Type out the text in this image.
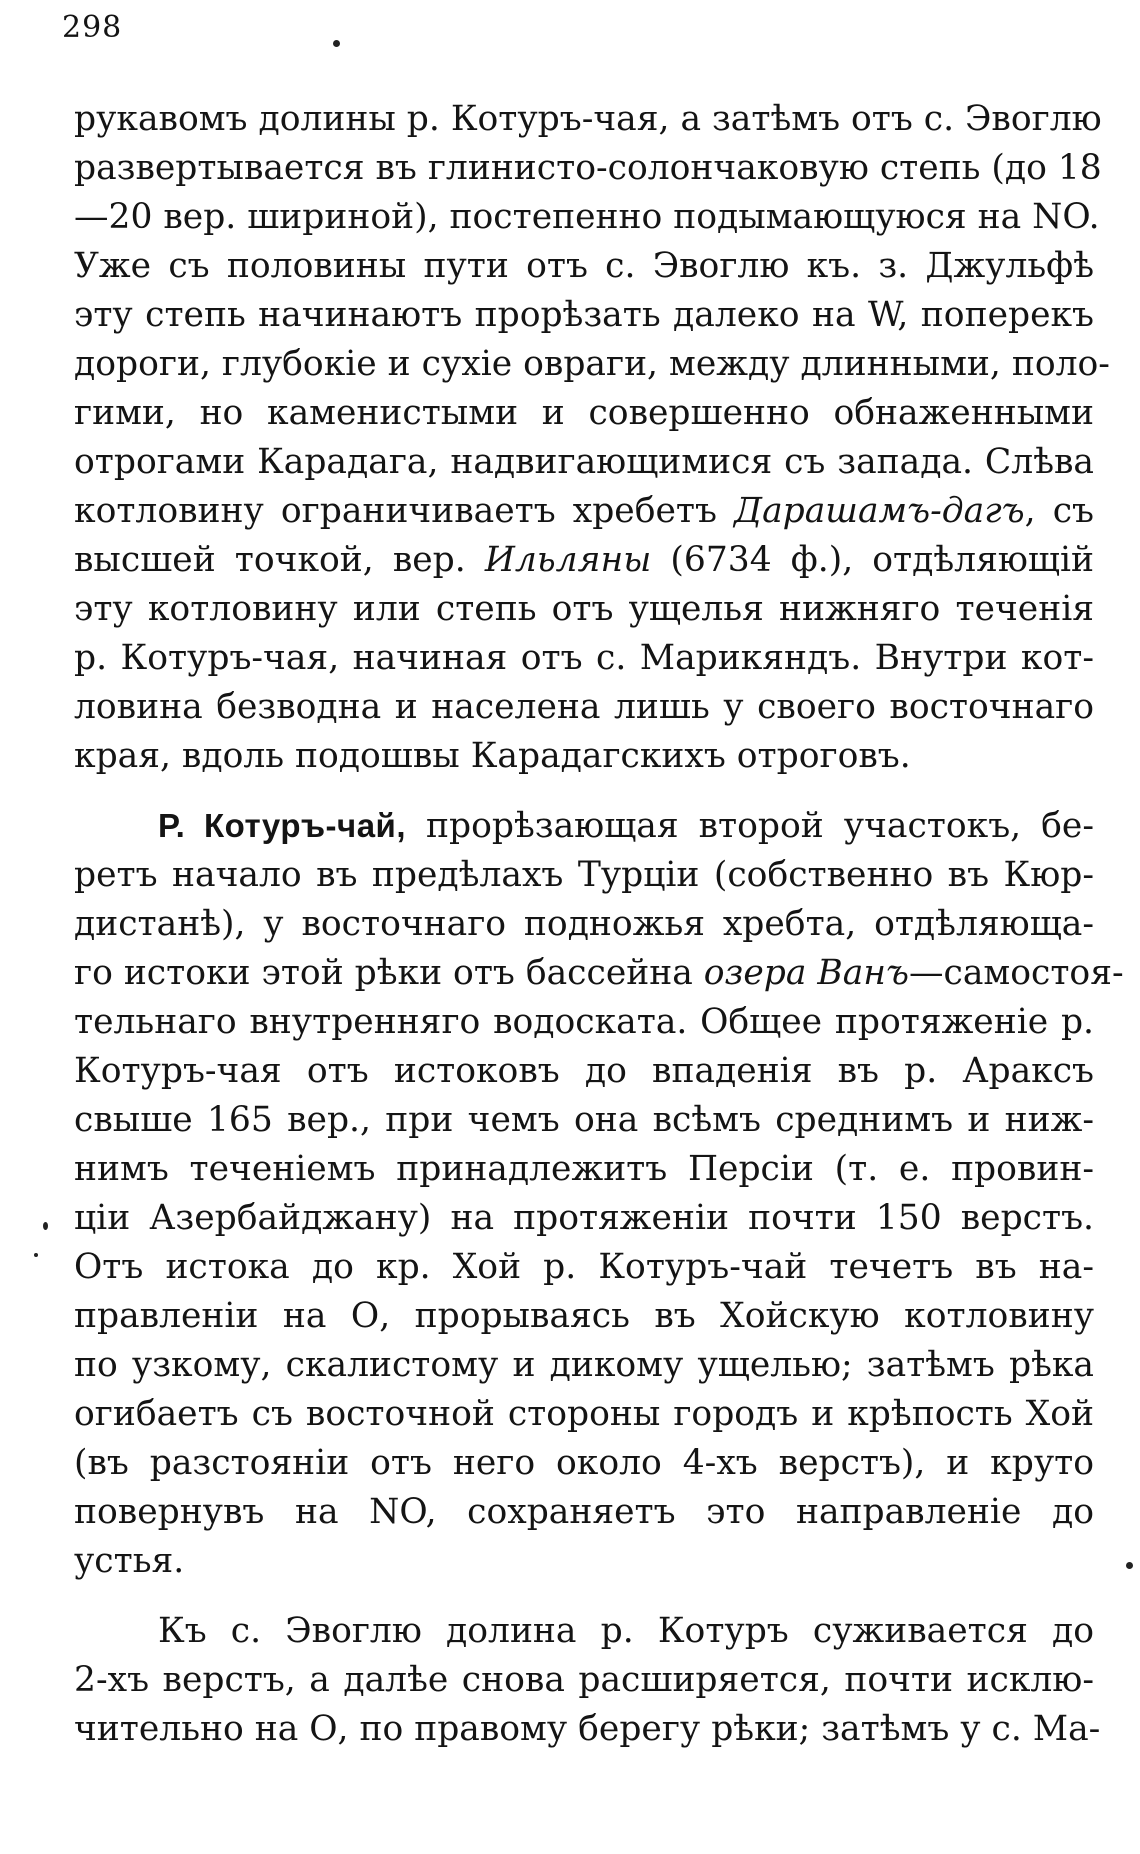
298
рукавомъ долины р. Котуръ-чая, а затѣмъ отъ с. Эвоглю
развертывается въ глинисто-солончаковую степь (до 18
—20 вер. шириной), постепенно подымающуюся на NO.
Уже съ половины пути отъ с. Эвоглю къ. з. Джульфѣ
эту степь начинаютъ прорѣзать далеко на W, поперекъ
дороги, глубокіе и сухіе овраги, между длинными, поло-
гими, но каменистыми и совершенно обнаженными
отрогами Карадага, надвигающимися съ запада. Слѣва
котловину ограничиваетъ хребетъ Дарашамъ-дагъ, съ
высшей точкой, вер. Ильляны (6734 ф.), отдѣляющій
эту котловину или степь отъ ущелья нижняго теченія
р. Котуръ-чая, начиная отъ с. Марикяндъ. Внутри кот-
ловина безводна и населена лишь у своего восточнаго
края, вдоль подошвы Карадагскихъ отроговъ.
Р. Котуръ-чай, прорѣзающая второй участокъ, бе-
ретъ начало въ предѣлахъ Турціи (собственно въ Кюр-
дистанѣ), у восточнаго подножья хребта, отдѣляюща-
го истоки этой рѣки отъ бассейна озера Ванъ—самостоя-
тельнаго внутренняго водоската. Общее протяженіе р.
Котуръ-чая отъ истоковъ до впаденія въ р. Араксъ
свыше 165 вер., при чемъ она всѣмъ среднимъ и ниж-
нимъ теченіемъ принадлежитъ Персіи (т. е. провин-
ціи Азербайджану) на протяженіи почти 150 верстъ.
Отъ истока до кр. Хой р. Котуръ-чай течетъ въ на-
правленіи на О, прорываясь въ Хойскую котловину
по узкому, скалистому и дикому ущелью; затѣмъ рѣка
огибаетъ съ восточной стороны городъ и крѣпость Хой
(въ разстояніи отъ него около 4-хъ верстъ), и круто
повернувъ на NO, сохраняетъ это направленіе до
устья.
Къ с. Эвоглю долина р. Котуръ суживается до
2-хъ верстъ, а далѣе снова расширяется, почти исклю-
чительно на О, по правому берегу рѣки; затѣмъ у с. Ма-
